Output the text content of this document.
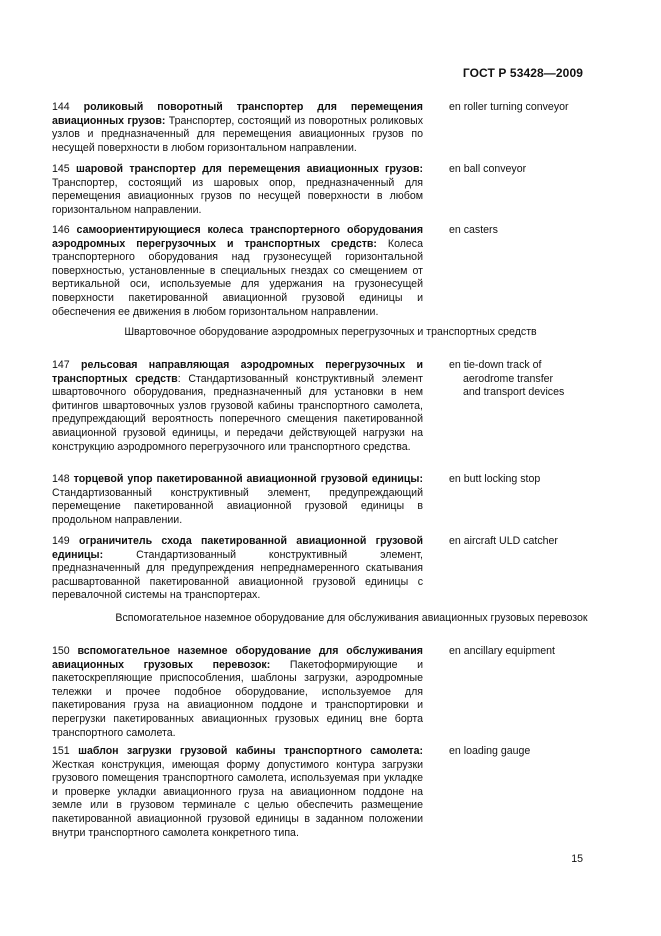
ГОСТ Р 53428—2009
144 роликовый поворотный транспортер для перемещения авиационных грузов: Транспортер, состоящий из поворотных роликовых узлов и предназначенный для перемещения авиационных грузов по несущей поверхности в любом горизонтальном направлении.
en roller turning conveyor
145 шаровой транспортер для перемещения авиационных грузов: Транспортер, состоящий из шаровых опор, предназначенный для перемещения авиационных грузов по несущей поверхности в любом горизонтальном направлении.
en ball conveyor
146 самоориентирующиеся колеса транспортерного оборудования аэродромных перегрузочных и транспортных средств: Колеса транспортерного оборудования над грузонесущей горизонтальной поверхностью, установленные в специальных гнездах со смещением от вертикальной оси, используемые для удержания на грузонесущей поверхности пакетированной авиационной грузовой единицы и обеспечения ее движения в любом горизонтальном направлении.
en casters
Швартовочное оборудование аэродромных перегрузочных и транспортных средств
147 рельсовая направляющая аэродромных перегрузочных и транспортных средств: Стандартизованный конструктивный элемент швартовочного оборудования, предназначенный для установки в нем фитингов швартовочных узлов грузовой кабины транспортного самолета, предупреждающий вероятность поперечного смещения пакетированной авиационной грузовой единицы, и передачи действующей нагрузки на конструкцию аэродромного перегрузочного или транспортного средства.
en tie-down track of
aerodrome transfer
and transport devices
148 торцевой упор пакетированной авиационной грузовой единицы: Стандартизованный конструктивный элемент, предупреждающий перемещение пакетированной авиационной грузовой единицы в продольном направлении.
en butt locking stop
149 ограничитель схода пакетированной авиационной грузовой единицы:	Стандартизованный конструктивный элемент, предназначенный для предупреждения непреднамеренного скатывания расшвартованной пакетированной авиационной грузовой единицы с перевалочной системы на транспортерах.
en aircraft ULD catcher
Вспомогательное наземное оборудование для обслуживания авиационных грузовых перевозок
150 вспомогательное наземное оборудование для обслуживания авиационных грузовых перевозок: Пакетоформирующие и пакетоскрепляющие приспособления, шаблоны загрузки, аэродромные тележки и прочее подобное оборудование, используемое для пакетирования груза на авиационном поддоне и транспортировки и перегрузки пакетированных авиационных грузовых единиц вне борта транспортного самолета.
en ancillary equipment
151 шаблон загрузки грузовой кабины транспортного самолета: Жесткая конструкция, имеющая форму допустимого контура загрузки грузового помещения транспортного самолета, используемая при укладке и проверке укладки авиационного груза на авиационном поддоне на земле или в грузовом терминале с целью обеспечить размещение пакетированной авиационной грузовой единицы в заданном положении внутри транспортного самолета конкретного типа.
en loading gauge
15
